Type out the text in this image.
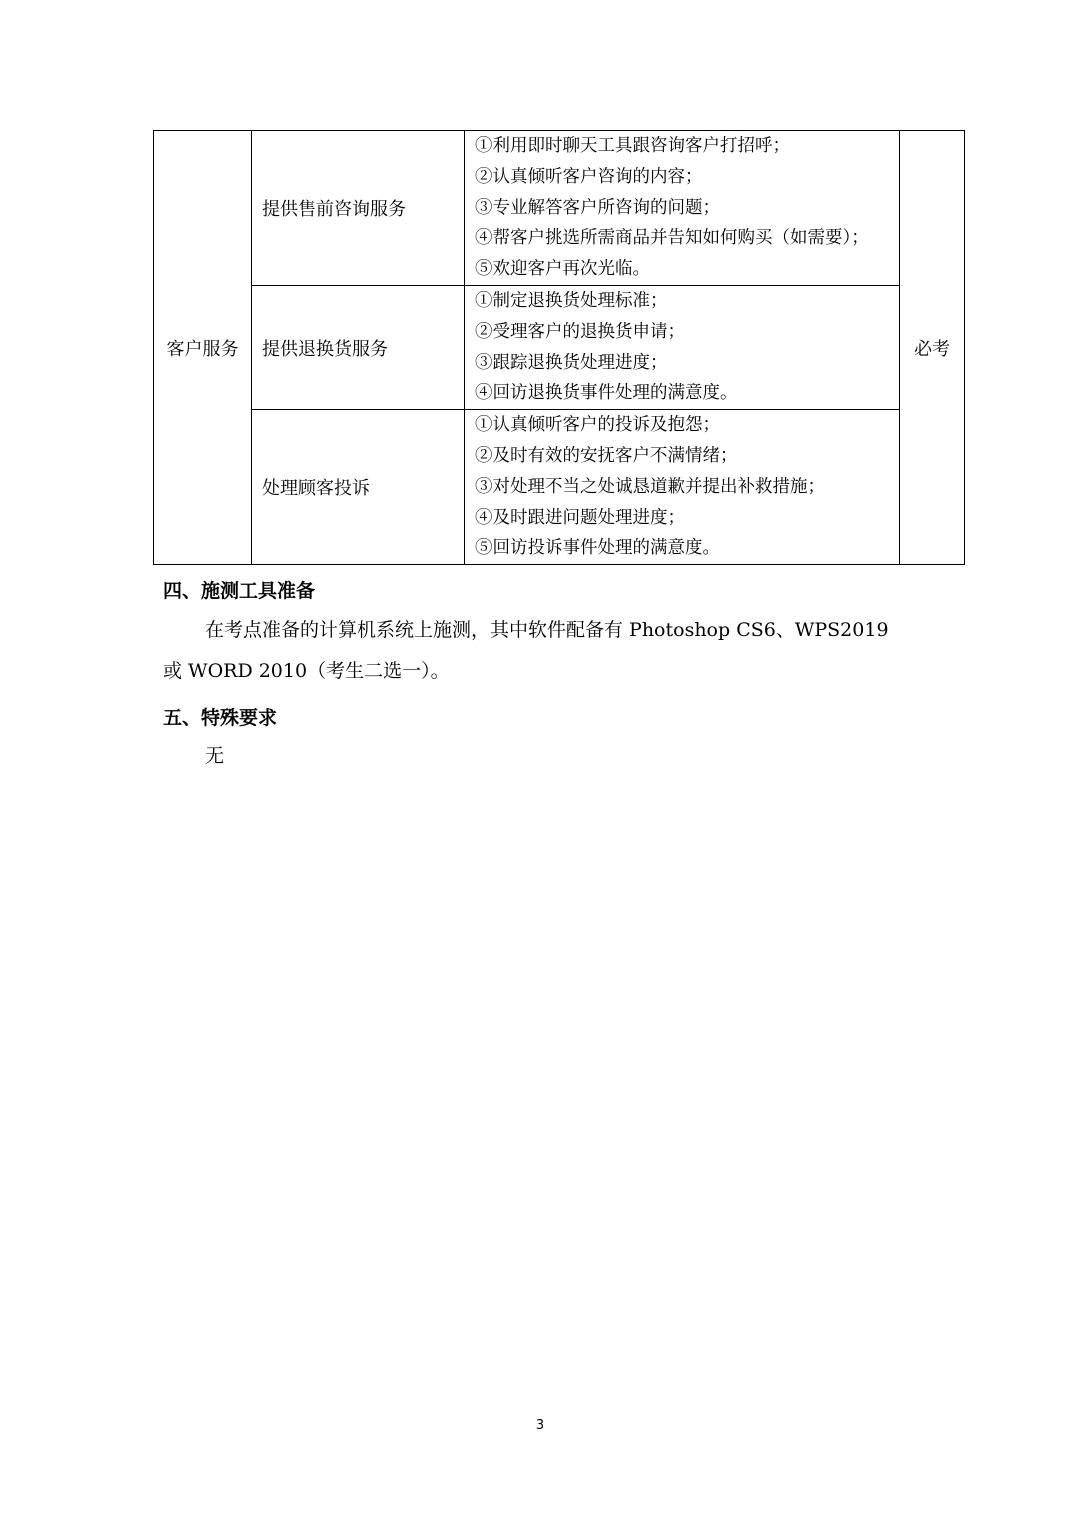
客户服务	提供售前咨询服务	①利用即时聊天工具跟咨询客户打招呼；
②认真倾听客户咨询的内容；
③专业解答客户所咨询的问题；
④帮客户挑选所需商品并告知如何购买（如需要）；
⑤欢迎客户再次光临。	必考
	提供退换货服务	①制定退换货处理标准；
②受理客户的退换货申请；
③跟踪退换货处理进度；
④回访退换货事件处理的满意度。	

	处理顾客投诉	①认真倾听客户的投诉及抱怨；
②及时有效的安抚客户不满情绪；
③对处理不当之处诚恳道歉并提出补救措施；
④及时跟进问题处理进度；
⑤回访投诉事件处理的满意度。	
四、施测工具准备
在考点准备的计算机系统上施测，其中软件配备有 Photoshop CS6、WPS2019
或 WORD 2010（考生二选一）。
五、特殊要求
无
3
